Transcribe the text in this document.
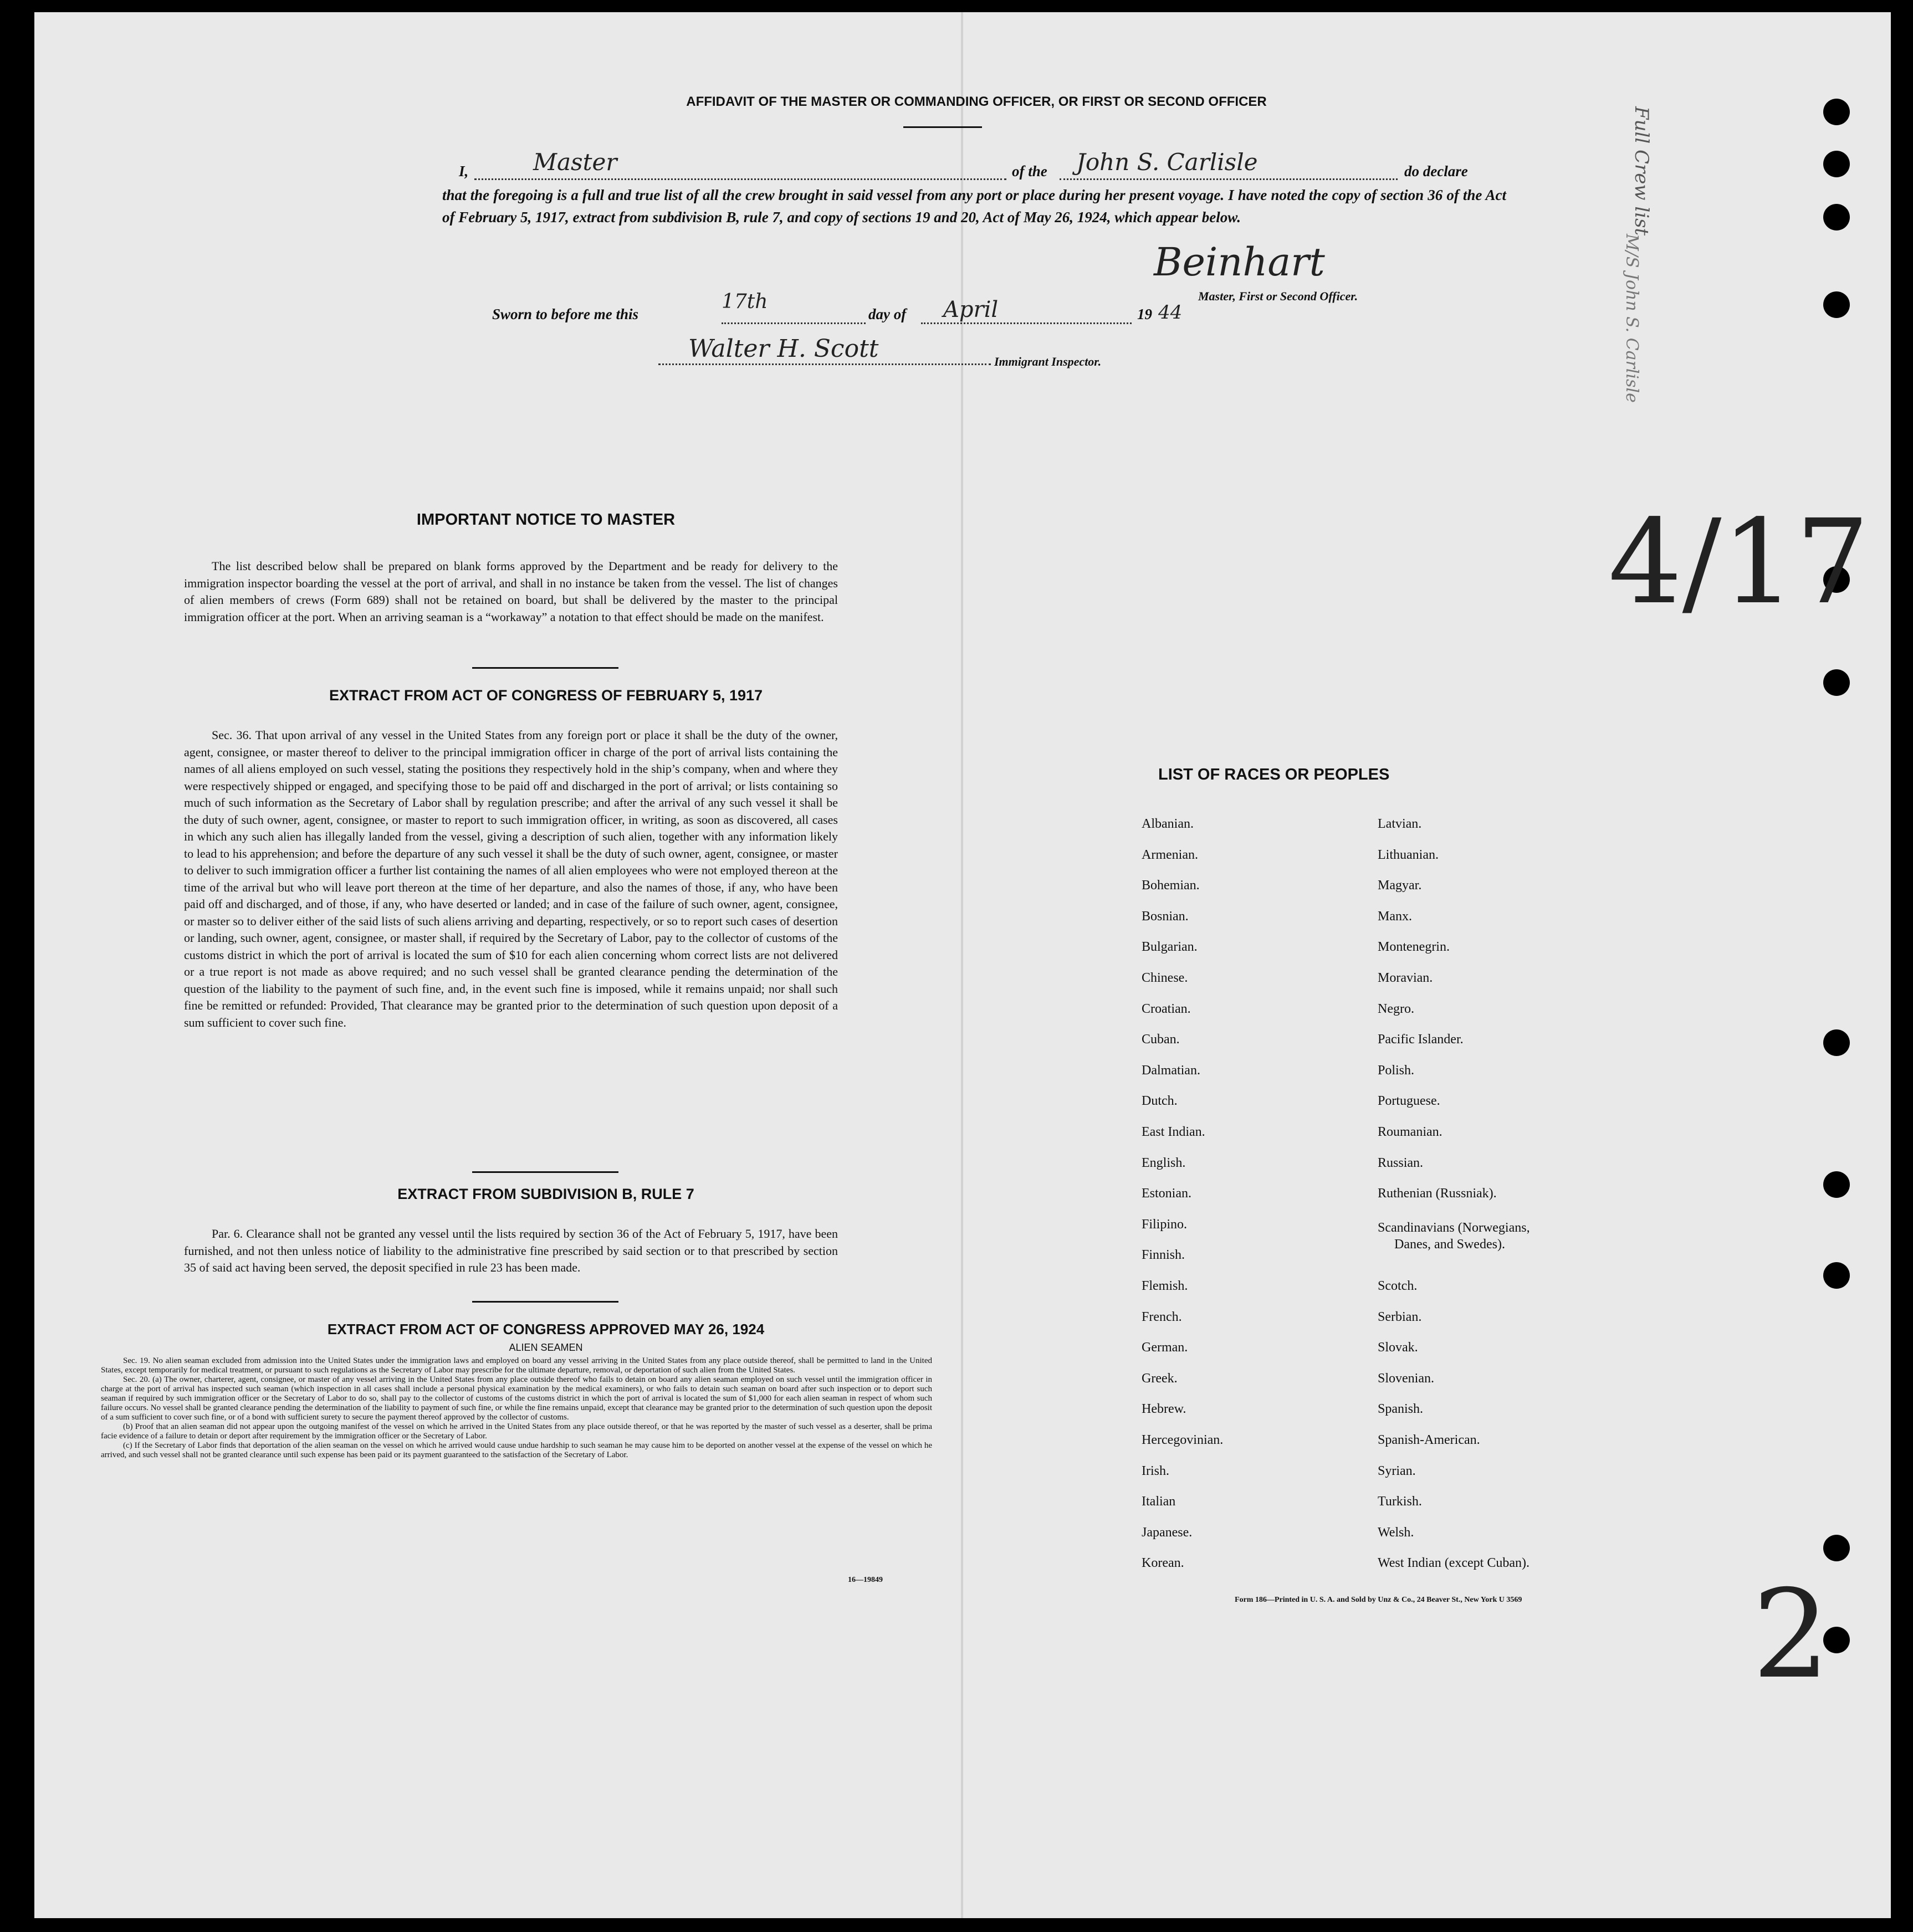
AFFIDAVIT OF THE MASTER OR COMMANDING OFFICER, OR FIRST OR SECOND OFFICER
I,	Master	of the John S. Carlisle	do declare

that the foregoing is a full and true list of all the crew brought in said vessel from any port or place during her present voyage. I have noted the copy of section 36 of the Act of February 5, 1917, extract from subdivision B, rule 7, and copy of sections 19 and 20, Act of May 26, 1924, which appear below.

Beinhart
Master, First or Second Officer.
Sworn to before me this
17th
day of April	19 44
Walter H. Scott	Immigrant Inspector.
4/17
2
Full Crew list
M/S John S. Carlisle
IMPORTANT NOTICE TO MASTER

The list described below shall be prepared on blank forms approved by the Department and be ready for delivery to the immigration inspector boarding the vessel at the port of arrival, and shall in no instance be taken from the vessel. The list of changes of alien members of crews (Form 689) shall not be retained on board, but shall be delivered by the master to the principal immigration officer at the port. When an arriving seaman is a “workaway” a notation to that effect should be made on the manifest.

EXTRACT FROM ACT OF CONGRESS OF FEBRUARY 5, 1917

Sec. 36. That upon arrival of any vessel in the United States from any foreign port or place it shall be the duty of the owner, agent, consignee, or master thereof to deliver to the principal immigration officer in charge of the port of arrival lists containing the names of all aliens employed on such vessel, stating the positions they respectively hold in the ship’s company, when and where they were respectively shipped or engaged, and specifying those to be paid off and discharged in the port of arrival; or lists containing so much of such information as the Secretary of Labor shall by regulation prescribe; and after the arrival of any such vessel it shall be the duty of such owner, agent, consignee, or master to report to such immigration officer, in writing, as soon as discovered, all cases in which any such alien has illegally landed from the vessel, giving a description of such alien, together with any information likely to lead to his apprehension; and before the departure of any such vessel it shall be the duty of such owner, agent, consignee, or master to deliver to such immigration officer a further list containing the names of all alien employees who were not employed thereon at the time of the arrival but who will leave port thereon at the time of her departure, and also the names of those, if any, who have been paid off and discharged, and of those, if any, who have deserted or landed; and in case of the failure of such owner, agent, consignee, or master so to deliver either of the said lists of such aliens arriving and departing, respectively, or so to report such cases of desertion or landing, such owner, agent, consignee, or master shall, if required by the Secretary of Labor, pay to the collector of customs of the customs district in which the port of arrival is located the sum of $10 for each alien concerning whom correct lists are not delivered or a true report is not made as above required; and no such vessel shall be granted clearance pending the determination of the question of the liability to the payment of such fine, and, in the event such fine is imposed, while it remains unpaid; nor shall such fine be remitted or refunded: Provided, That clearance may be granted prior to the determination of such question upon deposit of a sum sufficient to cover such fine.

EXTRACT FROM SUBDIVISION B, RULE 7

Par. 6. Clearance shall not be granted any vessel until the lists required by section 36 of the Act of February 5, 1917, have been furnished, and not then unless notice of liability to the administrative fine prescribed by said section or to that prescribed by section 35 of said act having been served, the deposit specified in rule 23 has been made.

EXTRACT FROM ACT OF CONGRESS APPROVED MAY 26, 1924
ALIEN SEAMEN

Sec. 19. No alien seaman excluded from admission into the United States under the immigration laws and employed on board any vessel arriving in the United States from any place outside thereof, shall be permitted to land in the United States, except temporarily for medical treatment, or pursuant to such regulations as the Secretary of Labor may prescribe for the ultimate departure, removal, or deportation of such alien from the United States.

Sec. 20. (a) The owner, charterer, agent, consignee, or master of any vessel arriving in the United States from any place outside thereof who fails to detain on board any alien seaman employed on such vessel until the immigration officer in charge at the port of arrival has inspected such seaman (which inspection in all cases shall include a personal physical examination by the medical examiners), or who fails to detain such seaman on board after such inspection or to deport such seaman if required by such immigration officer or the Secretary of Labor to do so, shall pay to the collector of customs of the customs district in which the port of arrival is located the sum of $1,000 for each alien seaman in respect of whom such failure occurs. No vessel shall be granted clearance pending the determination of the liability to payment of such fine, or while the fine remains unpaid, except that clearance may be granted prior to the determination of such question upon the deposit of a sum sufficient to cover such fine, or of a bond with sufficient surety to secure the payment thereof approved by the collector of customs.

(b) Proof that an alien seaman did not appear upon the outgoing manifest of the vessel on which he arrived in the United States from any place outside thereof, or that he was reported by the master of such vessel as a deserter, shall be prima facie evidence of a failure to detain or deport after requirement by the immigration officer or the Secretary of Labor.

(c) If the Secretary of Labor finds that deportation of the alien seaman on the vessel on which he arrived would cause undue hardship to such seaman he may cause him to be deported on another vessel at the expense of the vessel on which he arrived, and such vessel shall not be granted clearance until such expense has been paid or its payment guaranteed to the satisfaction of the Secretary of Labor.

16—19849
LIST OF RACES OR PEOPLES
Albanian.
Armenian.
Bohemian.
Bosnian.
Bulgarian.
Chinese.
Croatian.
Cuban.
Dalmatian.
Dutch.
East Indian.
English.
Estonian.
Filipino.
Finnish.
Flemish.
French.
German.
Greek.
Hebrew.
Hercegovinian.
Irish.
Italian
Japanese.
Korean.
Latvian.
Lithuanian.
Magyar.
Manx.
Montenegrin.
Moravian.
Negro.
Pacific Islander.
Polish.
Portuguese.
Roumanian.
Russian.
Ruthenian (Russniak).
Scandinavians (Norwegians,
Danes, and Swedes).
Scotch.
Serbian.
Slovak.
Slovenian.
Spanish.
Spanish-American.
Syrian.
Turkish.
Welsh.
West Indian (except Cuban).
Form 186—Printed in U. S. A. and Sold by Unz & Co., 24 Beaver St., New York U 3569
